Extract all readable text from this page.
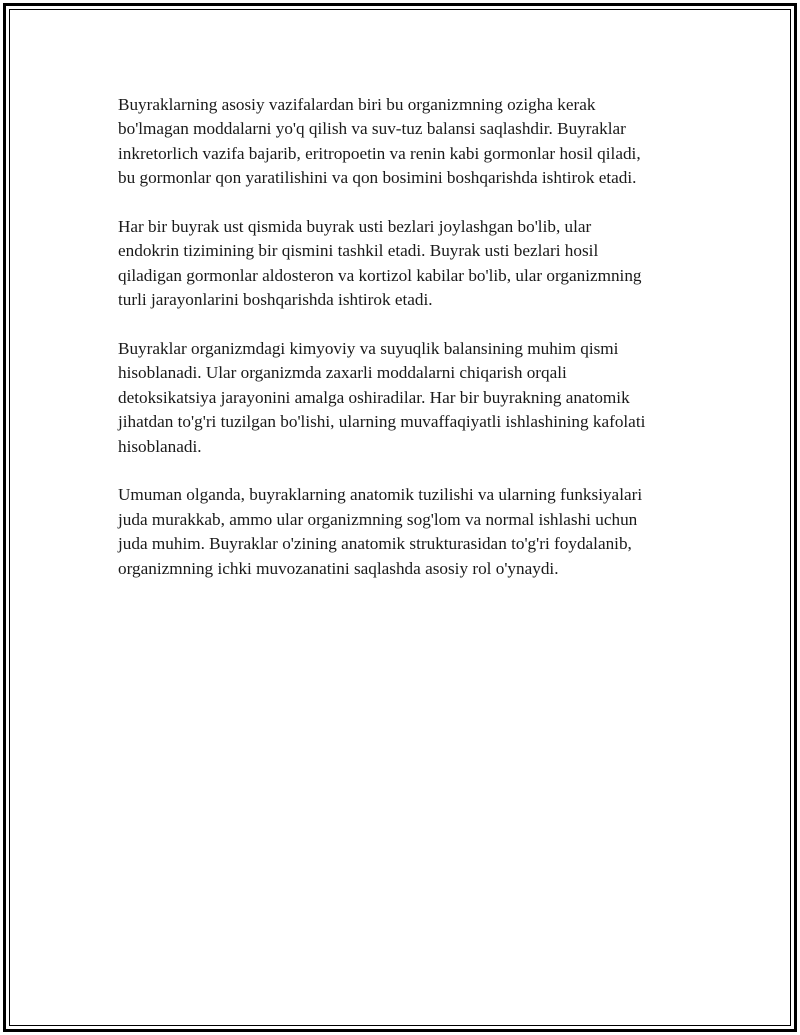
Buyraklarning asosiy vazifalardan biri bu organizmning ozigha kerak
bo'lmagan moddalarni yo'q qilish va suv-tuz balansi saqlashdir. Buyraklar
inkretorlich vazifa bajarib, eritropoetin va renin kabi gormonlar hosil qiladi,
bu gormonlar qon yaratilishini va qon bosimini boshqarishda ishtirok etadi.

Har bir buyrak ust qismida buyrak usti bezlari joylashgan bo'lib, ular
endokrin tizimining bir qismini tashkil etadi. Buyrak usti bezlari hosil
qiladigan gormonlar aldosteron va kortizol kabilar bo'lib, ular organizmning
turli jarayonlarini boshqarishda ishtirok etadi.

Buyraklar organizmdagi kimyoviy va suyuqlik balansining muhim qismi
hisoblanadi. Ular organizmda zaxarli moddalarni chiqarish orqali
detoksikatsiya jarayonini amalga oshiradilar. Har bir buyrakning anatomik
jihatdan to'g'ri tuzilgan bo'lishi, ularning muvaffaqiyatli ishlashining kafolati
hisoblanadi.

Umuman olganda, buyraklarning anatomik tuzilishi va ularning funksiyalari
juda murakkab, ammo ular organizmning sog'lom va normal ishlashi uchun
juda muhim. Buyraklar o'zining anatomik strukturasidan to'g'ri foydalanib,
organizmning ichki muvozanatini saqlashda asosiy rol o'ynaydi.
